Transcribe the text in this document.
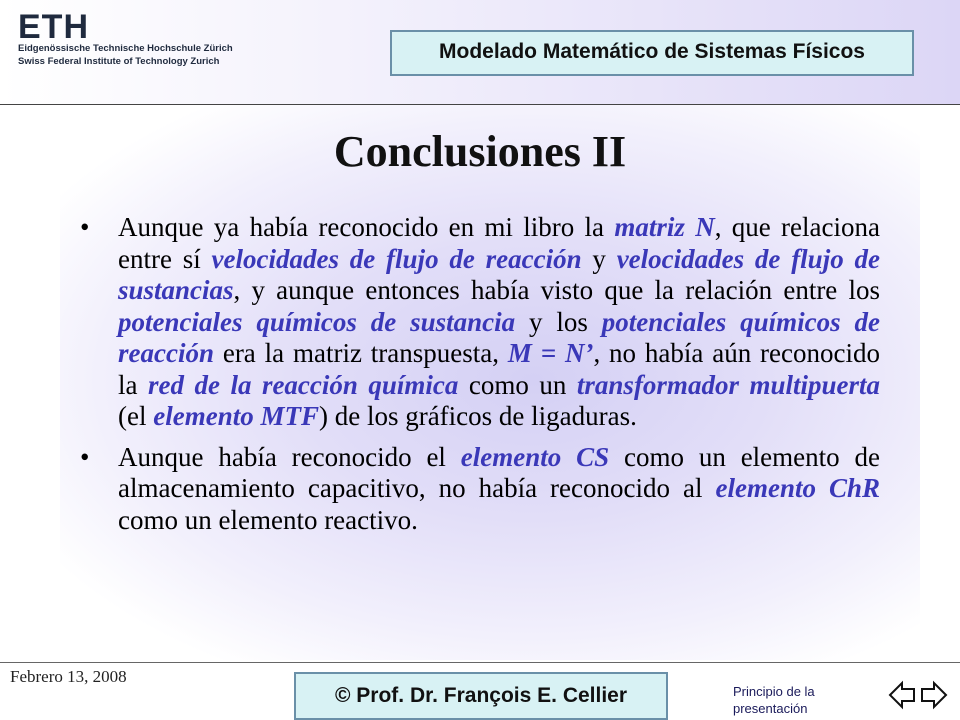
ETH
Eidgenössische Technische Hochschule Zürich
Swiss Federal Institute of Technology Zurich	Modelado Matemático de Sistemas Físicos
Conclusiones II
• Aunque ya había reconocido en mi libro la matriz N, que relaciona entre sí velocidades de flujo de reacción y velocidades de flujo de sustancias, y aunque entonces había visto que la relación entre los potenciales químicos de sustancia y los potenciales químicos de reacción era la matriz transpuesta, M = N’, no había aún reconocido la red de la reacción química como un transformador multipuerta (el elemento MTF) de los gráficos de ligaduras.
• Aunque había reconocido el elemento CS como un elemento de almacenamiento capacitivo, no había reconocido al elemento ChR como un elemento reactivo.
Febrero 13, 2008
© Prof. Dr. François E. Cellier	Principio de la
presentación
